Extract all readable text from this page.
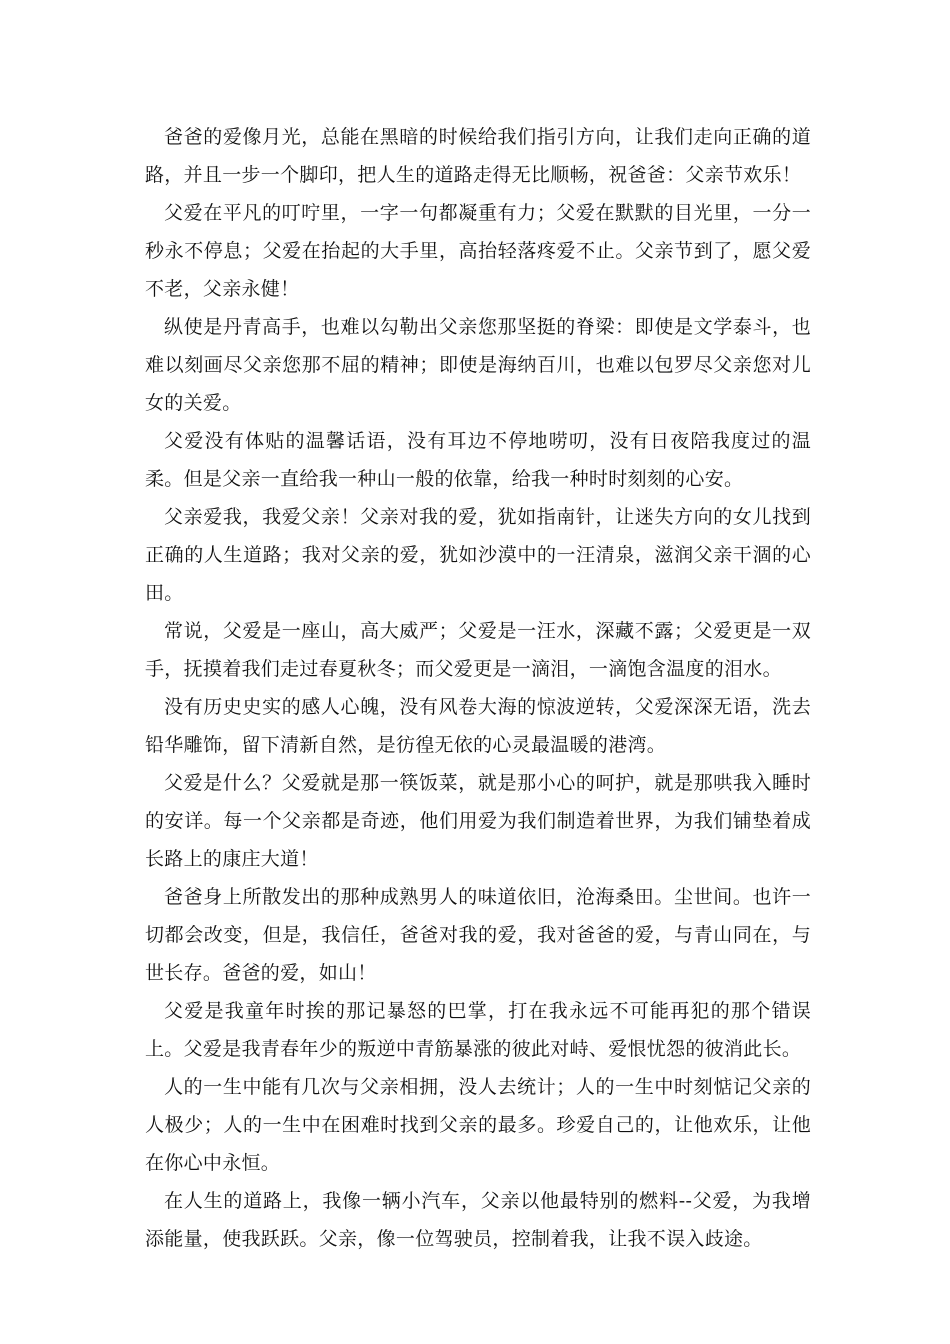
爸爸的爱像月光，总能在黑暗的时候给我们指引方向，让我们走向正确的道路，并且一步一个脚印，把人生的道路走得无比顺畅，祝爸爸：父亲节欢乐！

父爱在平凡的叮咛里，一字一句都凝重有力；父爱在默默的目光里，一分一秒永不停息；父爱在抬起的大手里，高抬轻落疼爱不止。父亲节到了，愿父爱不老，父亲永健！

纵使是丹青高手，也难以勾勒出父亲您那坚挺的脊梁：即使是文学泰斗，也难以刻画尽父亲您那不屈的精神；即使是海纳百川，也难以包罗尽父亲您对儿女的关爱。

父爱没有体贴的温馨话语，没有耳边不停地唠叨，没有日夜陪我度过的温柔。但是父亲一直给我一种山一般的依靠，给我一种时时刻刻的心安。

父亲爱我，我爱父亲！父亲对我的爱，犹如指南针，让迷失方向的女儿找到正确的人生道路；我对父亲的爱，犹如沙漠中的一汪清泉，滋润父亲干涸的心田。

常说，父爱是一座山，高大威严；父爱是一汪水，深藏不露；父爱更是一双手，抚摸着我们走过春夏秋冬；而父爱更是一滴泪，一滴饱含温度的泪水。

没有历史史实的感人心魄，没有风卷大海的惊波逆转，父爱深深无语，洗去铅华雕饰，留下清新自然，是彷徨无依的心灵最温暖的港湾。

父爱是什么？父爱就是那一筷饭菜，就是那小心的呵护，就是那哄我入睡时的安详。每一个父亲都是奇迹，他们用爱为我们制造着世界，为我们铺垫着成长路上的康庄大道！

爸爸身上所散发出的那种成熟男人的味道依旧，沧海桑田。尘世间。也许一切都会改变，但是，我信任，爸爸对我的爱，我对爸爸的爱，与青山同在，与世长存。爸爸的爱，如山！

父爱是我童年时挨的那记暴怒的巴掌，打在我永远不可能再犯的那个错误上。父爱是我青春年少的叛逆中青筋暴涨的彼此对峙、爱恨忧怨的彼消此长。

人的一生中能有几次与父亲相拥，没人去统计；人的一生中时刻惦记父亲的人极少；人的一生中在困难时找到父亲的最多。珍爱自己的，让他欢乐，让他在你心中永恒。

在人生的道路上，我像一辆小汽车，父亲以他最特别的燃料--父爱，为我增添能量，使我跃跃。父亲，像一位驾驶员，控制着我，让我不误入歧途。
